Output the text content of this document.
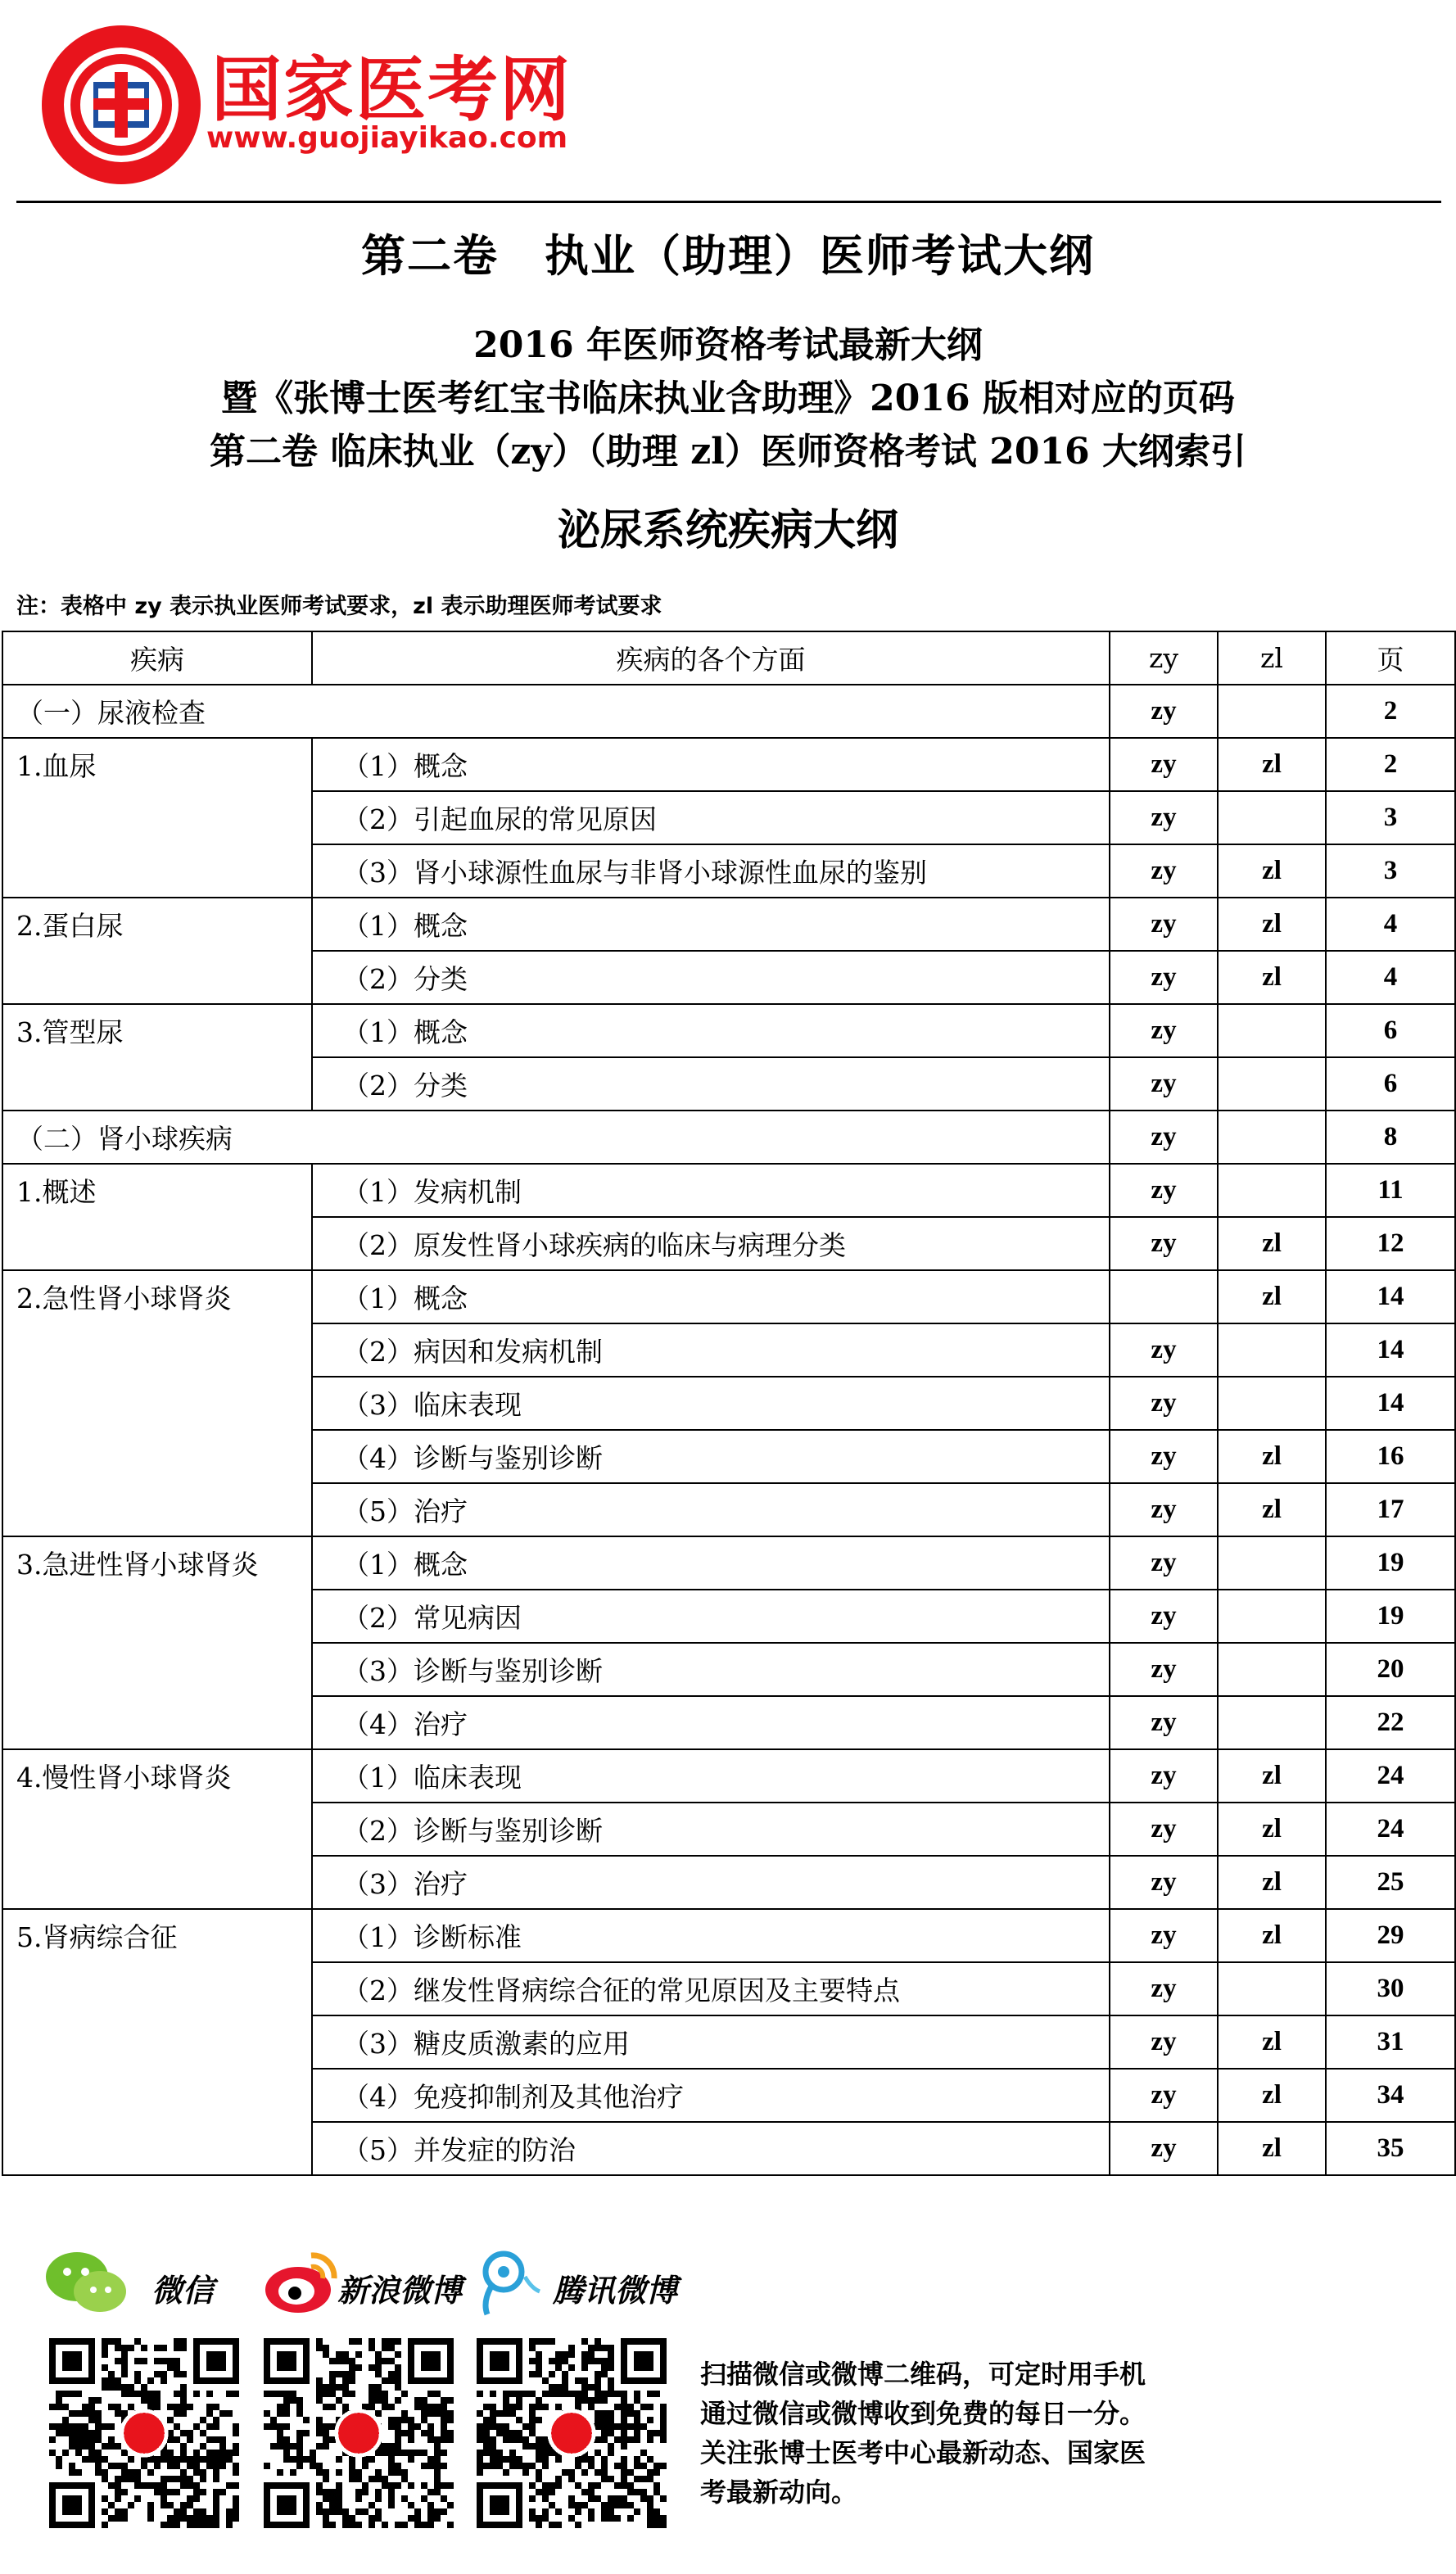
国家医考网
www.guojiayikao.com
第二卷　执业（助理）医师考试大纲
2016 年医师资格考试最新大纲
暨《张博士医考红宝书临床执业含助理》2016 版相对应的页码
第二卷 临床执业（zy）（助理 zl）医师资格考试 2016 大纲索引
泌尿系统疾病大纲
注：表格中 zy 表示执业医师考试要求，zl 表示助理医师考试要求
疾病	疾病的各个方面	zy	zl	页
（一）尿液检查		zy		2
1.血尿	（1）概念	zy	zl	2
	（2）引起血尿的常见原因	zy		3
	（3）肾小球源性血尿与非肾小球源性血尿的鉴别	zy	zl	3
2.蛋白尿	（1）概念	zy	zl	4
	（2）分类	zy	zl	4
3.管型尿	（1）概念	zy		6
	（2）分类	zy		6
（二）肾小球疾病		zy		8
1.概述	（1）发病机制	zy		11
	（2）原发性肾小球疾病的临床与病理分类	zy	zl	12
2.急性肾小球肾炎	（1）概念		zl	14
	（2）病因和发病机制	zy		14
	（3）临床表现	zy		14
	（4）诊断与鉴别诊断	zy	zl	16
	（5）治疗	zy	zl	17
3.急进性肾小球肾炎	（1）概念	zy		19
	（2）常见病因	zy		19
	（3）诊断与鉴别诊断	zy		20
	（4）治疗	zy		22
4.慢性肾小球肾炎	（1）临床表现	zy	zl	24
	（2）诊断与鉴别诊断	zy	zl	24
	（3）治疗	zy	zl	25
5.肾病综合征	（1）诊断标准	zy	zl	29
	（2）继发性肾病综合征的常见原因及主要特点	zy		30
	（3）糖皮质激素的应用	zy	zl	31
	（4）免疫抑制剂及其他治疗	zy	zl	34
	（5）并发症的防治	zy	zl	35
微信	新浪微博	腾讯微博
扫描微信或微博二维码，可定时用手机通过微信或微博收到免费的每日一分。关注张博士医考中心最新动态、国家医考最新动向。
